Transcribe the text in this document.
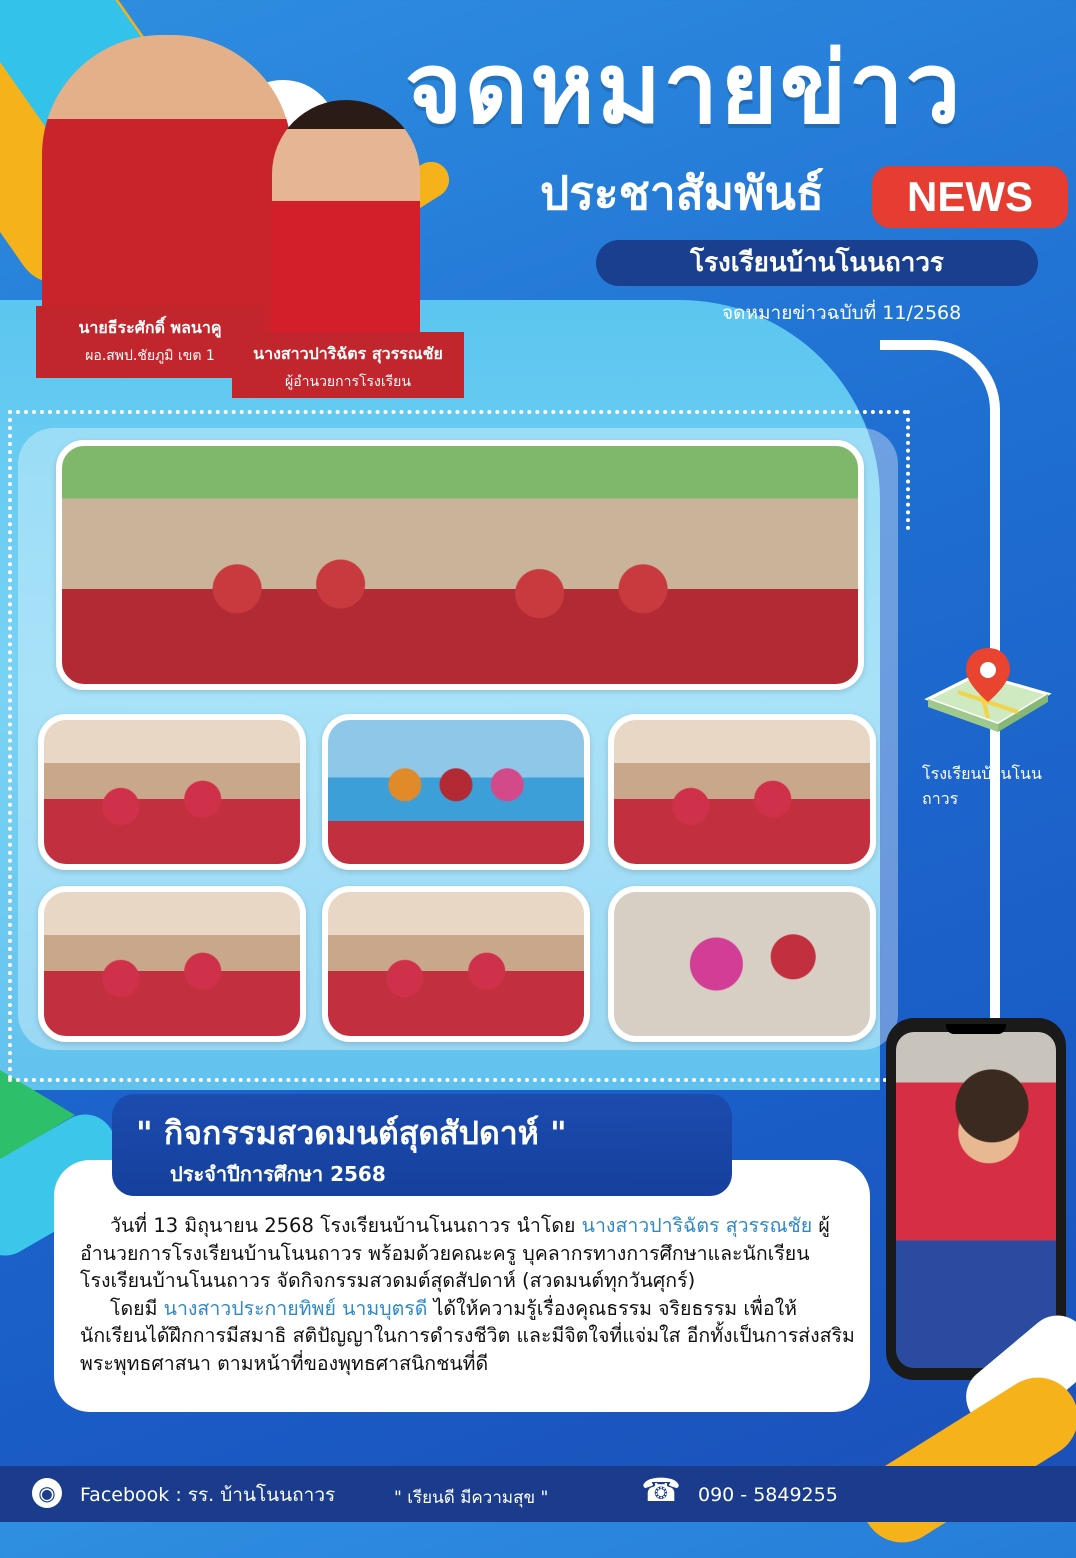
จดหมายข่าว
ประชาสัมพันธ์	NEWS
โรงเรียนบ้านโนนถาวร
จดหมายข่าวฉบับที่ 11/2568
นายธีระศักดิ์ พลนาคู
ผอ.สพป.ชัยภูมิ เขต 1	นางสาวปาริฉัตร สุวรรณชัย
ผู้อำนวยการโรงเรียน
โรงเรียนบ้านโนนถาวร
" กิจกรรมสวดมนต์สุดสัปดาห์ "
ประจำปีการศึกษา 2568
วันที่ 13 มิถุนายน 2568 โรงเรียนบ้านโนนถาวร นำโดย นางสาวปาริฉัตร สุวรรณชัย ผู้อำนวยการโรงเรียนบ้านโนนถาวร พร้อมด้วยคณะครู บุคลากรทางการศึกษาและนักเรียน โรงเรียนบ้านโนนถาวร จัดกิจกรรมสวดมต์สุดสัปดาห์ (สวดมนต์ทุกวันศุกร์)
โดยมี นางสาวประกายทิพย์ นามบุตรดี ได้ให้ความรู้เรื่องคุณธรรม จริยธรรม เพื่อให้นักเรียนได้ฝึกการมีสมาธิ สติปัญญาในการดำรงชีวิต และมีจิตใจที่แจ่มใส อีกทั้งเป็นการส่งสริมพระพุทธศาสนา ตามหน้าที่ของพุทธศาสนิกชนที่ดี
◉	Facebook : รร. บ้านโนนถาวร	" เรียนดี มีความสุข "	☎ 090 - 5849255
